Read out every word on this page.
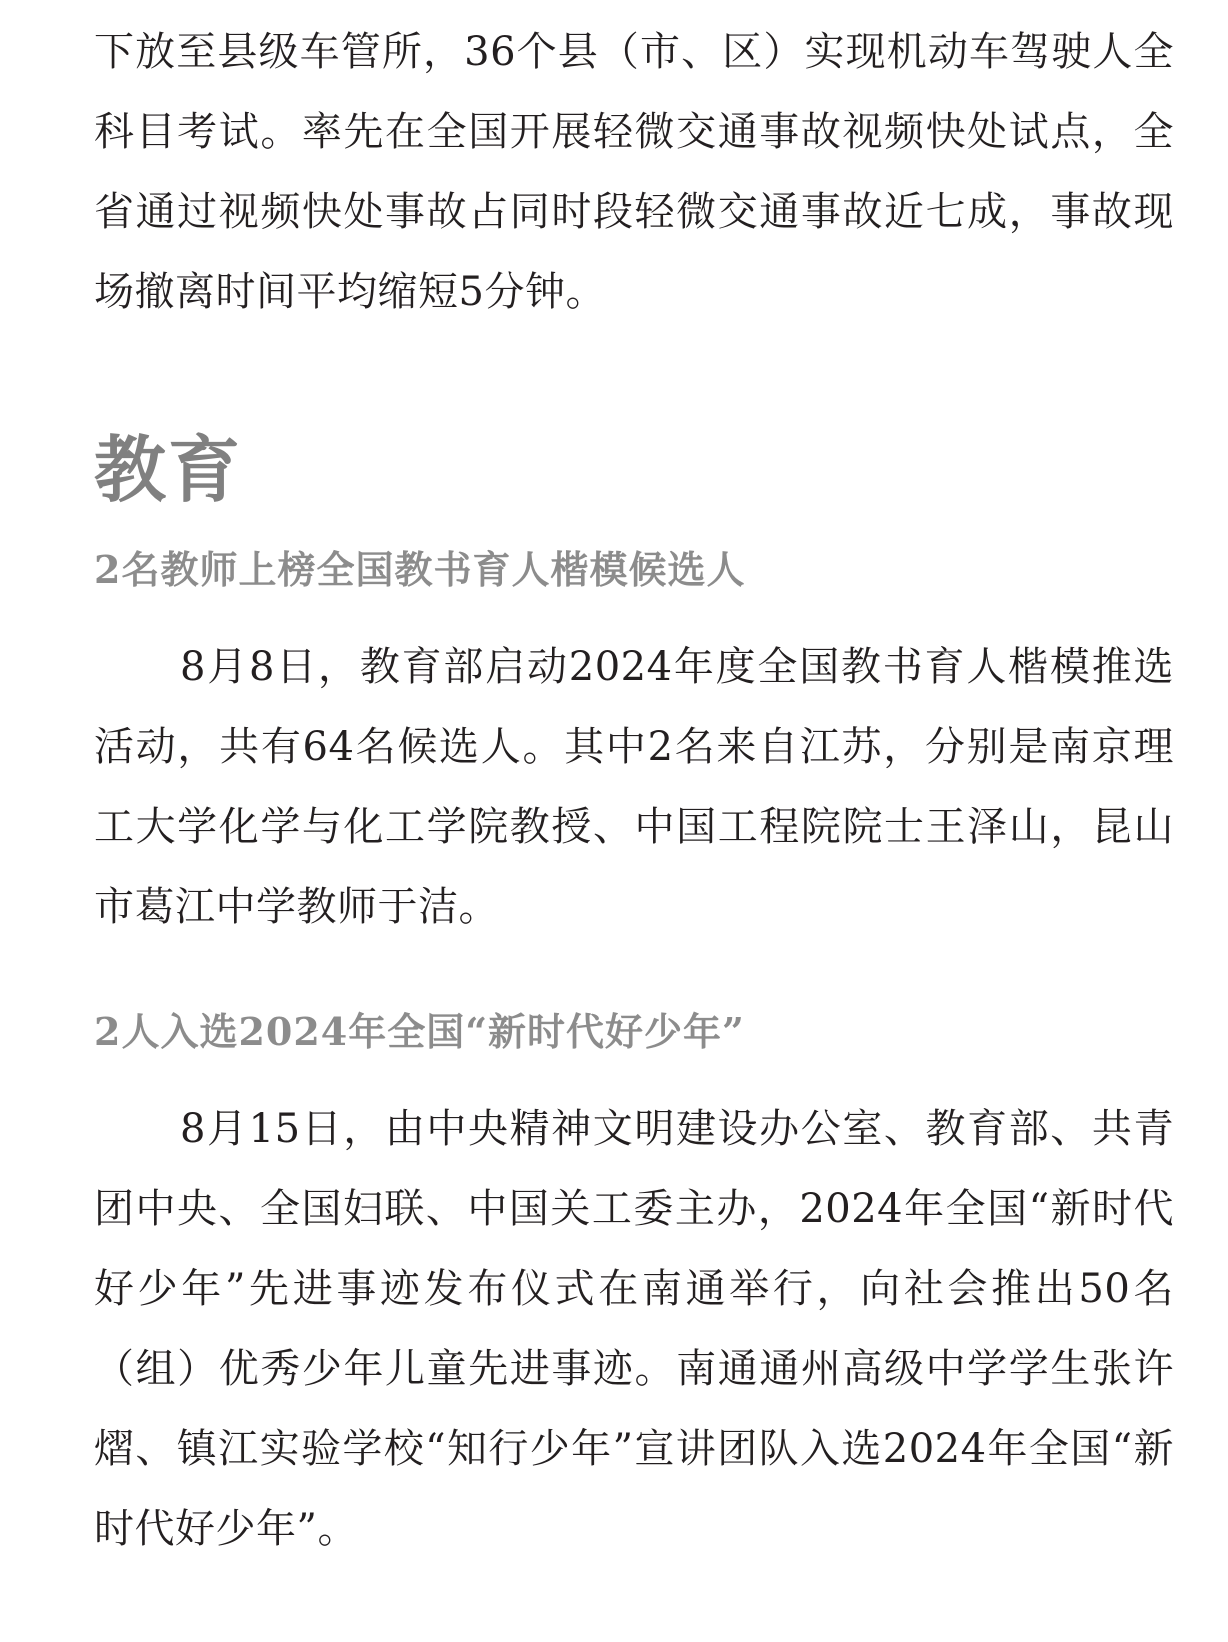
下放至县级车管所，36个县（市、区）实现机动车驾驶人全科目考试。率先在全国开展轻微交通事故视频快处试点，全省通过视频快处事故占同时段轻微交通事故近七成，事故现场撤离时间平均缩短5分钟。

教育
2名教师上榜全国教书育人楷模候选人

8月8日，教育部启动2024年度全国教书育人楷模推选活动，共有64名候选人。其中2名来自江苏，分别是南京理工大学化学与化工学院教授、中国工程院院士王泽山，昆山市葛江中学教师于洁。

2人入选2024年全国“新时代好少年”

8月15日，由中央精神文明建设办公室、教育部、共青团中央、全国妇联、中国关工委主办，2024年全国“新时代好少年”先进事迹发布仪式在南通举行，向社会推出50名（组）优秀少年儿童先进事迹。南通通州高级中学学生张许熠、镇江实验学校“知行少年”宣讲团队入选2024年全国“新时代好少年”。
